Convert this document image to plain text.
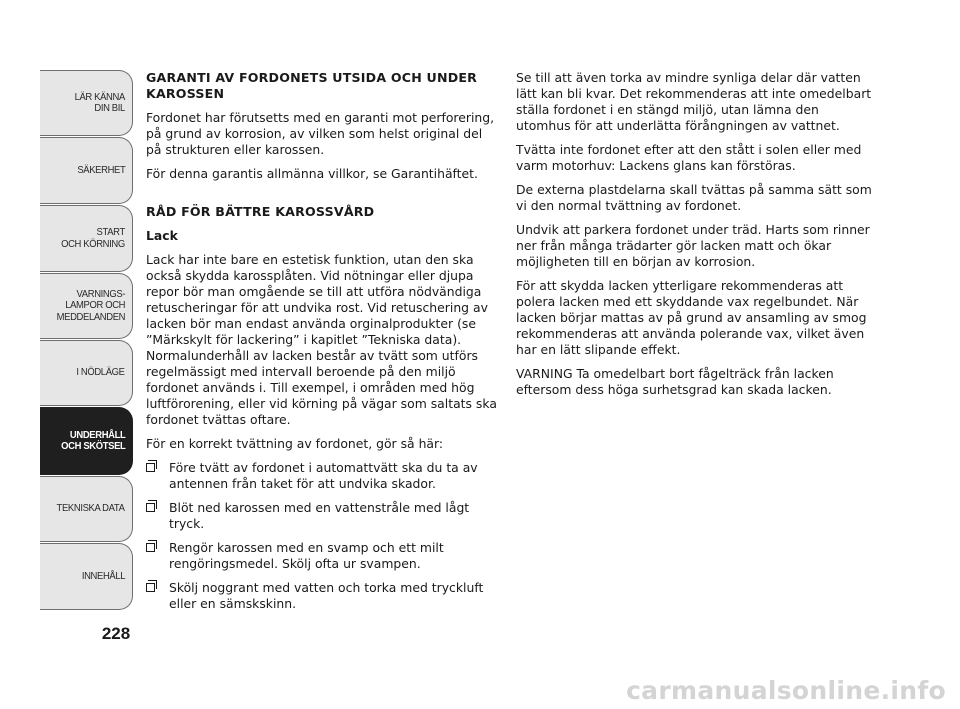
LÄR KÄNNA
DIN BIL
SÄKERHET
START
OCH KÖRNING
VARNINGS-
LAMPOR OCH
MEDDELANDEN
I NÖDLÄGE
UNDERHÅLL
OCH SKÖTSEL
TEKNISKA DATA
INNEHÅLL
228
GARANTI AV FORDONETS UTSIDA OCH UNDER KAROSSEN

Fordonet har förutsetts med en garanti mot perforering, på grund av korrosion, av vilken som helst original del på strukturen eller karossen.

För denna garantis allmänna villkor, se Garantihäftet.

RÅD FÖR BÄTTRE KAROSSVÅRD
Lack

Lack har inte bare en estetisk funktion, utan den ska också skydda karossplåten. Vid nötningar eller djupa repor bör man omgående se till att utföra nödvändiga retuscheringar för att undvika rost. Vid retuschering av lacken bör man endast använda orginalprodukter (se ”Märkskylt för lackering” i kapitlet ”Tekniska data). Normalunderhåll av lacken består av tvätt som utförs regelmässigt med intervall beroende på den miljö fordonet används i. Till exempel, i områden med hög luftförorening, eller vid körning på vägar som saltats ska fordonet tvättas oftare.

För en korrekt tvättning av fordonet, gör så här:

Före tvätt av fordonet i automattvätt ska du ta av antennen från taket för att undvika skador.
Blöt ned karossen med en vattenstråle med lågt tryck.
Rengör karossen med en svamp och ett milt rengöringsmedel. Skölj ofta ur svampen.
Skölj noggrant med vatten och torka med tryckluft eller en sämskskinn.

Se till att även torka av mindre synliga delar där vatten lätt kan bli kvar. Det rekommenderas att inte omedelbart ställa fordonet i en stängd miljö, utan lämna den utomhus för att underlätta förångningen av vattnet.

Tvätta inte fordonet efter att den stått i solen eller med varm motorhuv: Lackens glans kan förstöras.

De externa plastdelarna skall tvättas på samma sätt som vi den normal tvättning av fordonet.

Undvik att parkera fordonet under träd. Harts som rinner ner från många trädarter gör lacken matt och ökar möjligheten till en början av korrosion.

För att skydda lacken ytterligare rekommenderas att polera lacken med ett skyddande vax regelbundet. När lacken börjar mattas av på grund av ansamling av smog rekommenderas att använda polerande vax, vilket även har en lätt slipande effekt.

VARNING Ta omedelbart bort fågelträck från lacken eftersom dess höga surhetsgrad kan skada lacken.

carmanualsonline.info
